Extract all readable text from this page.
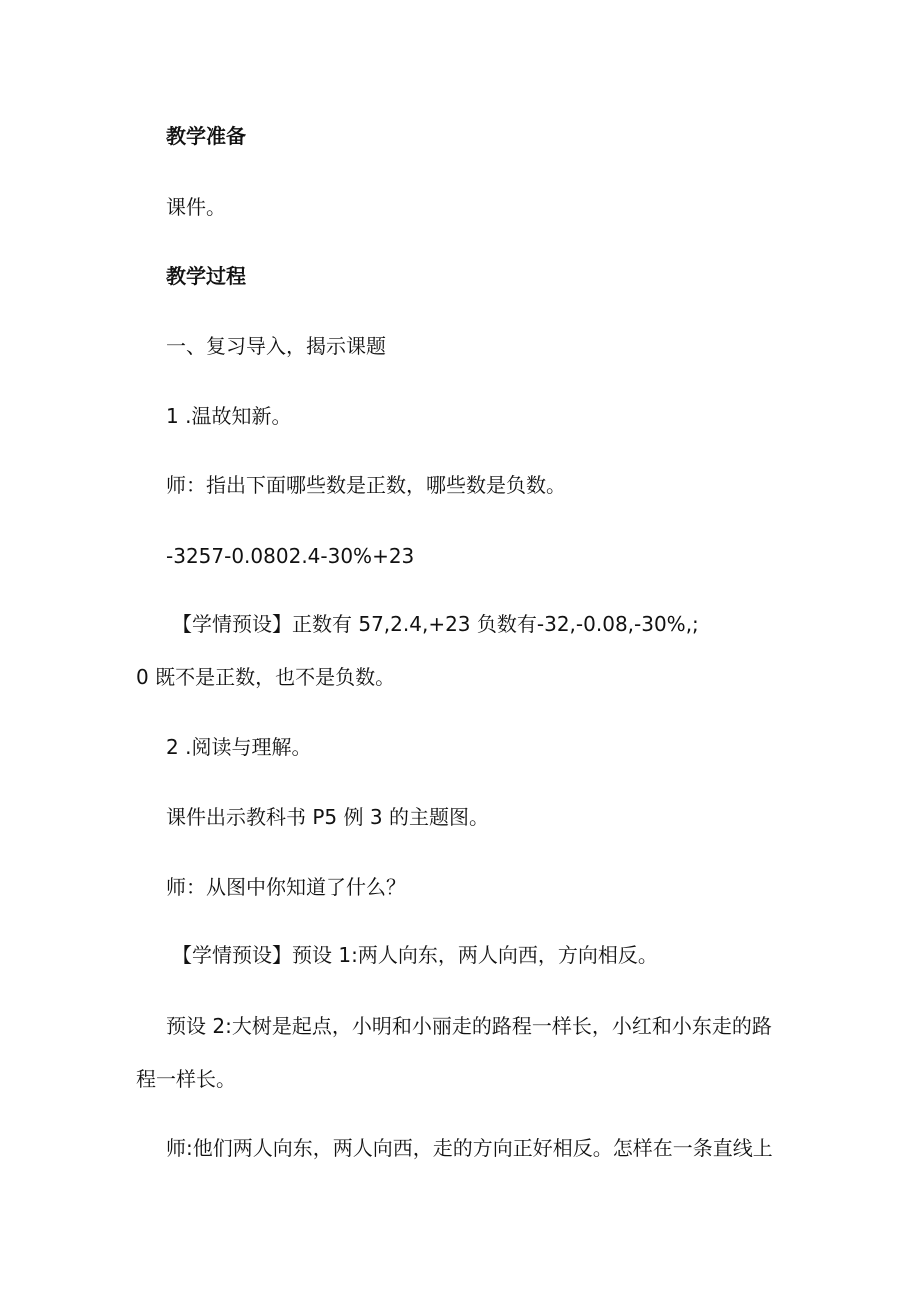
教学准备
课件。
教学过程
一、复习导入，揭示课题
1 .温故知新。
师：指出下面哪些数是正数，哪些数是负数。
-3257-0.0802.4-30%+23
【学情预设】正数有 57,2.4,+23 负数有-32,-0.08,-30%,;
0 既不是正数，也不是负数。
2 .阅读与理解。
课件出示教科书 P5 例 3 的主题图。
师：从图中你知道了什么？
【学情预设】预设 1:两人向东，两人向西，方向相反。
预设 2:大树是起点，小明和小丽走的路程一样长，小红和小东走的路
程一样长。
师:他们两人向东，两人向西，走的方向正好相反。怎样在一条直线上
